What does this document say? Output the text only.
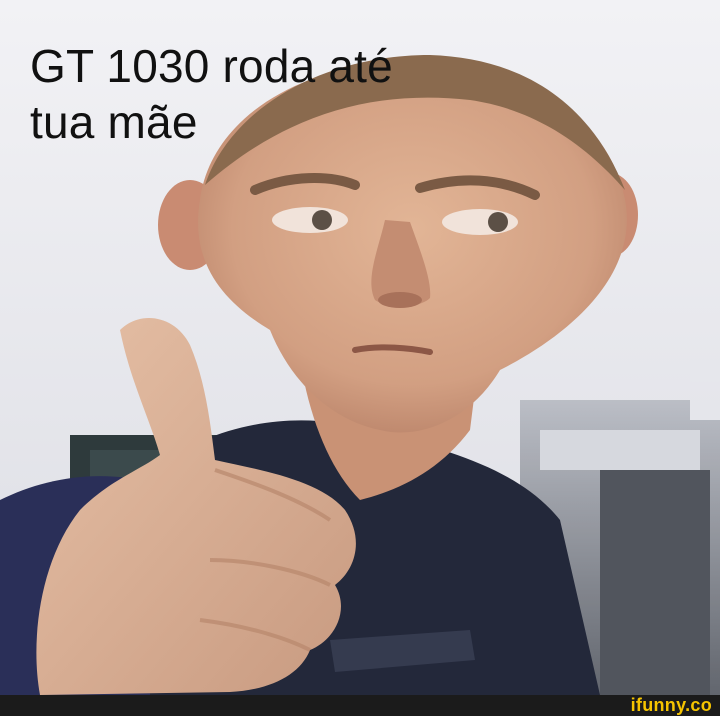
GT 1030 roda até
tua mãe
ifunny.co
